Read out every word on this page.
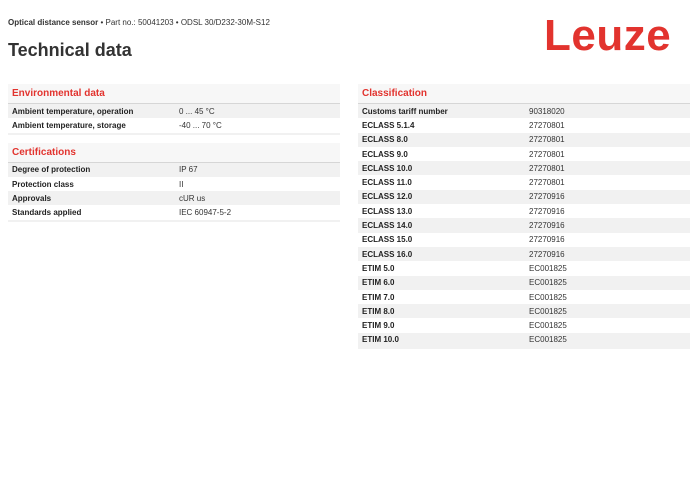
Optical distance sensor • Part no.: 50041203 • ODSL 30/D232-30M-S12
Technical data	Leuze
Environmental data
Ambient temperature, operation	0 ... 45 °C
Ambient temperature, storage	-40 ... 70 °C
Certifications
Degree of protection	IP 67
Protection class	II
Approvals	cUR us
Standards applied	IEC 60947-5-2
Classification
Customs tariff number	90318020
ECLASS 5.1.4	27270801
ECLASS 8.0	27270801
ECLASS 9.0	27270801
ECLASS 10.0	27270801
ECLASS 11.0	27270801
ECLASS 12.0	27270916
ECLASS 13.0	27270916
ECLASS 14.0	27270916
ECLASS 15.0	27270916
ECLASS 16.0	27270916
ETIM 5.0	EC001825
ETIM 6.0	EC001825
ETIM 7.0	EC001825
ETIM 8.0	EC001825
ETIM 9.0	EC001825
ETIM 10.0	EC001825
